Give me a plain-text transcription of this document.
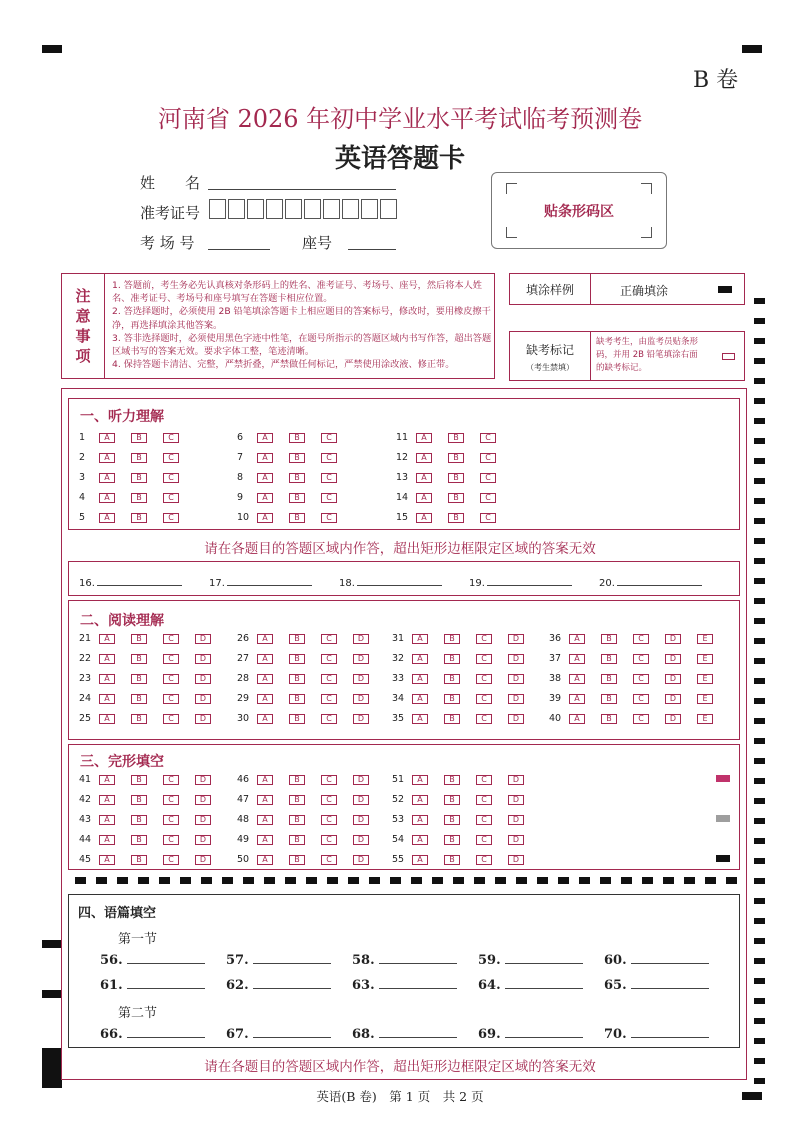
B 卷
河南省 2026 年初中学业水平考试临考预测卷
英语答题卡
姓　　名
准考证号
考 场 号	座号
贴条形码区
注
意
事
项
1. 答题前，考生务必先认真核对条形码上的姓名、准考证号、考场号、座号，然后将本人姓名、准考证号、考场号和座号填写在答题卡相应位置。
2. 答选择题时，必须使用 2B 铅笔填涂答题卡上相应题目的答案标号，修改时，要用橡皮擦干净，再选择填涂其他答案。
3. 答非选择题时，必须使用黑色字迹中性笔，在题号所指示的答题区域内书写作答，超出答题区域书写的答案无效。要求字体工整，笔迹清晰。
4. 保持答题卡清洁、完整，严禁折叠，严禁做任何标记，严禁使用涂改液、修正带。
填涂样例	正确填涂
缺考标记
（考生禁填）
缺考考生，由监考员贴条形码，并用 2B 铅笔填涂右面的缺考标记。
一、听力理解
1	A	B	C
2	A	B	C
3	A	B	C
4	A	B	C
5	A	B	C
6	A	B	C
7	A	B	C
8	A	B	C
9	A	B	C
10	A	B	C
11	A	B	C
12	A	B	C
13	A	B	C
14	A	B	C
15	A	B	C
请在各题目的答题区域内作答，超出矩形边框限定区域的答案无效
16.	17.	18.	19.	20.
二、阅读理解
21	A	B	C	D
22	A	B	C	D
23	A	B	C	D
24	A	B	C	D
25	A	B	C	D
26	A	B	C	D
27	A	B	C	D
28	A	B	C	D
29	A	B	C	D
30	A	B	C	D
31	A	B	C	D
32	A	B	C	D
33	A	B	C	D
34	A	B	C	D
35	A	B	C	D
36	A	B	C	D	E
37	A	B	C	D	E
38	A	B	C	D	E
39	A	B	C	D	E
40	A	B	C	D	E
三、完形填空
41	A	B	C	D
42	A	B	C	D
43	A	B	C	D
44	A	B	C	D
45	A	B	C	D
46	A	B	C	D
47	A	B	C	D
48	A	B	C	D
49	A	B	C	D
50	A	B	C	D
51	A	B	C	D
52	A	B	C	D
53	A	B	C	D
54	A	B	C	D
55	A	B	C	D
四、语篇填空
第一节
56.	57.	58.	59.	60.
61.	62.	63.	64.	65.
第二节
66.	67.	68.	69.	70.
请在各题目的答题区域内作答，超出矩形边框限定区域的答案无效
英语(B 卷)　第 1 页　共 2 页
